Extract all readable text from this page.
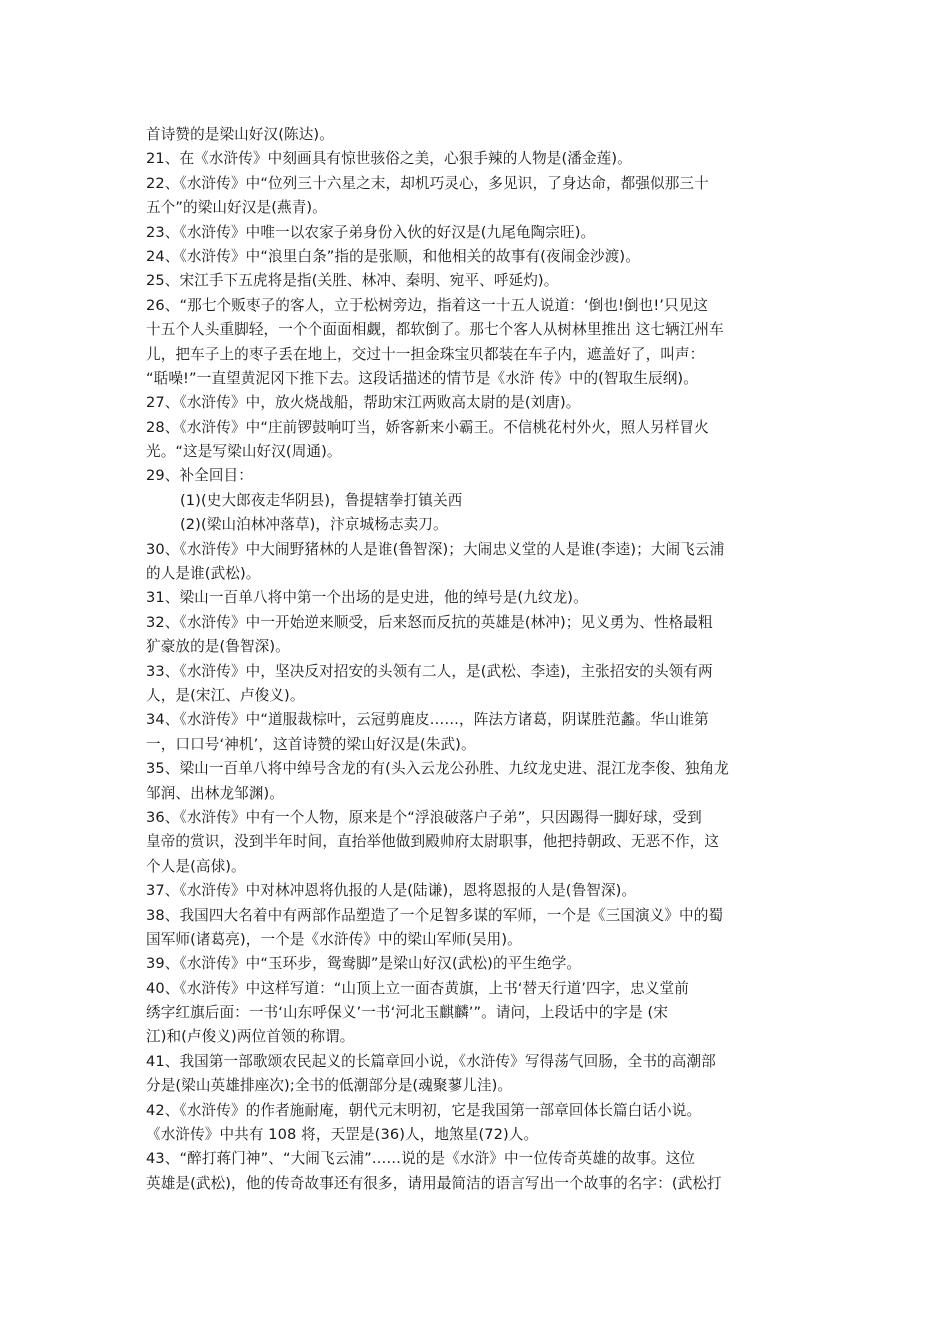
首诗赞的是梁山好汉(陈达)。

21、在《水浒传》中刻画具有惊世骇俗之美，心狠手辣的人物是(潘金莲)。

22、《水浒传》中“位列三十六星之末，却机巧灵心，多见识，了身达命，都强似那三十

五个”的梁山好汉是(燕青)。

23、《水浒传》中唯一以农家子弟身份入伙的好汉是(九尾龟陶宗旺)。

24、《水浒传》中“浪里白条”指的是张顺，和他相关的故事有(夜闹金沙渡)。

25、宋江手下五虎将是指(关胜、林冲、秦明、宛平、呼延灼)。

26、“那七个贩枣子的客人，立于松树旁边，指着这一十五人说道：‘倒也!倒也!’只见这

十五个人头重脚轻，一个个面面相觑，都软倒了。那七个客人从树林里推出 这七辆江州车

儿，把车子上的枣子丢在地上，交过十一担金珠宝贝都装在车子内，遮盖好了，叫声：

“聒噪!”一直望黄泥冈下推下去。这段话描述的情节是《水浒 传》中的(智取生辰纲)。

27、《水浒传》中，放火烧战船，帮助宋江两败高太尉的是(刘唐)。

28、《水浒传》中“庄前锣鼓响叮当，娇客新来小霸王。不信桃花村外火，照人另样冒火

光。“这是写梁山好汉(周通)。

29、补全回目：

(1)(史大郎夜走华阴县)，鲁提辖拳打镇关西

(2)(梁山泊林冲落草)，汴京城杨志卖刀。

30、《水浒传》中大闹野猪林的人是谁(鲁智深)；大闹忠义堂的人是谁(李逵)；大闹飞云浦

的人是谁(武松)。

31、梁山一百单八将中第一个出场的是史进，他的绰号是(九纹龙)。

32、《水浒传》中一开始逆来顺受，后来怒而反抗的英雄是(林冲)；见义勇为、性格最粗

犷豪放的是(鲁智深)。

33、《水浒传》中，坚决反对招安的头领有二人，是(武松、李逵)，主张招安的头领有两

人，是(宋江、卢俊义)。

34、《水浒传》中“道服裁棕叶，云冠剪鹿皮……，阵法方诸葛，阴谋胜范蠡。华山谁第

一，口口号‘神机’，这首诗赞的梁山好汉是(朱武)。

35、梁山一百单八将中绰号含龙的有(头入云龙公孙胜、九纹龙史进、混江龙李俊、独角龙

邹润、出林龙邹渊)。

36、《水浒传》中有一个人物，原来是个“浮浪破落户子弟”，只因踢得一脚好球，受到

皇帝的赏识，没到半年时间，直抬举他做到殿帅府太尉职事，他把持朝政、无恶不作，这

个人是(高俅)。

37、《水浒传》中对林冲恩将仇报的人是(陆谦)，恩将恩报的人是(鲁智深)。

38、我国四大名着中有两部作品塑造了一个足智多谋的军师，一个是《三国演义》中的蜀

国军师(诸葛亮)，一个是《水浒传》中的梁山军师(吴用)。

39、《水浒传》中“玉环步，鸳鸯脚”是梁山好汉(武松)的平生绝学。

40、《水浒传》中这样写道：“山顶上立一面杏黄旗，上书‘替天行道’四字，忠义堂前

绣字红旗后面：一书‘山东呼保义’一书‘河北玉麒麟’”。请问，上段话中的字是 (宋

江)和(卢俊义)两位首领的称谓。

41、我国第一部歌颂农民起义的长篇章回小说，《水浒传》写得荡气回肠，全书的高潮部

分是(梁山英雄排座次);全书的低潮部分是(魂聚蓼儿洼)。

42、《水浒传》的作者施耐庵，朝代元末明初，它是我国第一部章回体长篇白话小说。

《水浒传》中共有 108 将，天罡是(36)人，地煞星(72)人。

43、“醉打蒋门神”、“大闹飞云浦”……说的是《水浒》中一位传奇英雄的故事。这位

英雄是(武松)，他的传奇故事还有很多，请用最简洁的语言写出一个故事的名字：(武松打
